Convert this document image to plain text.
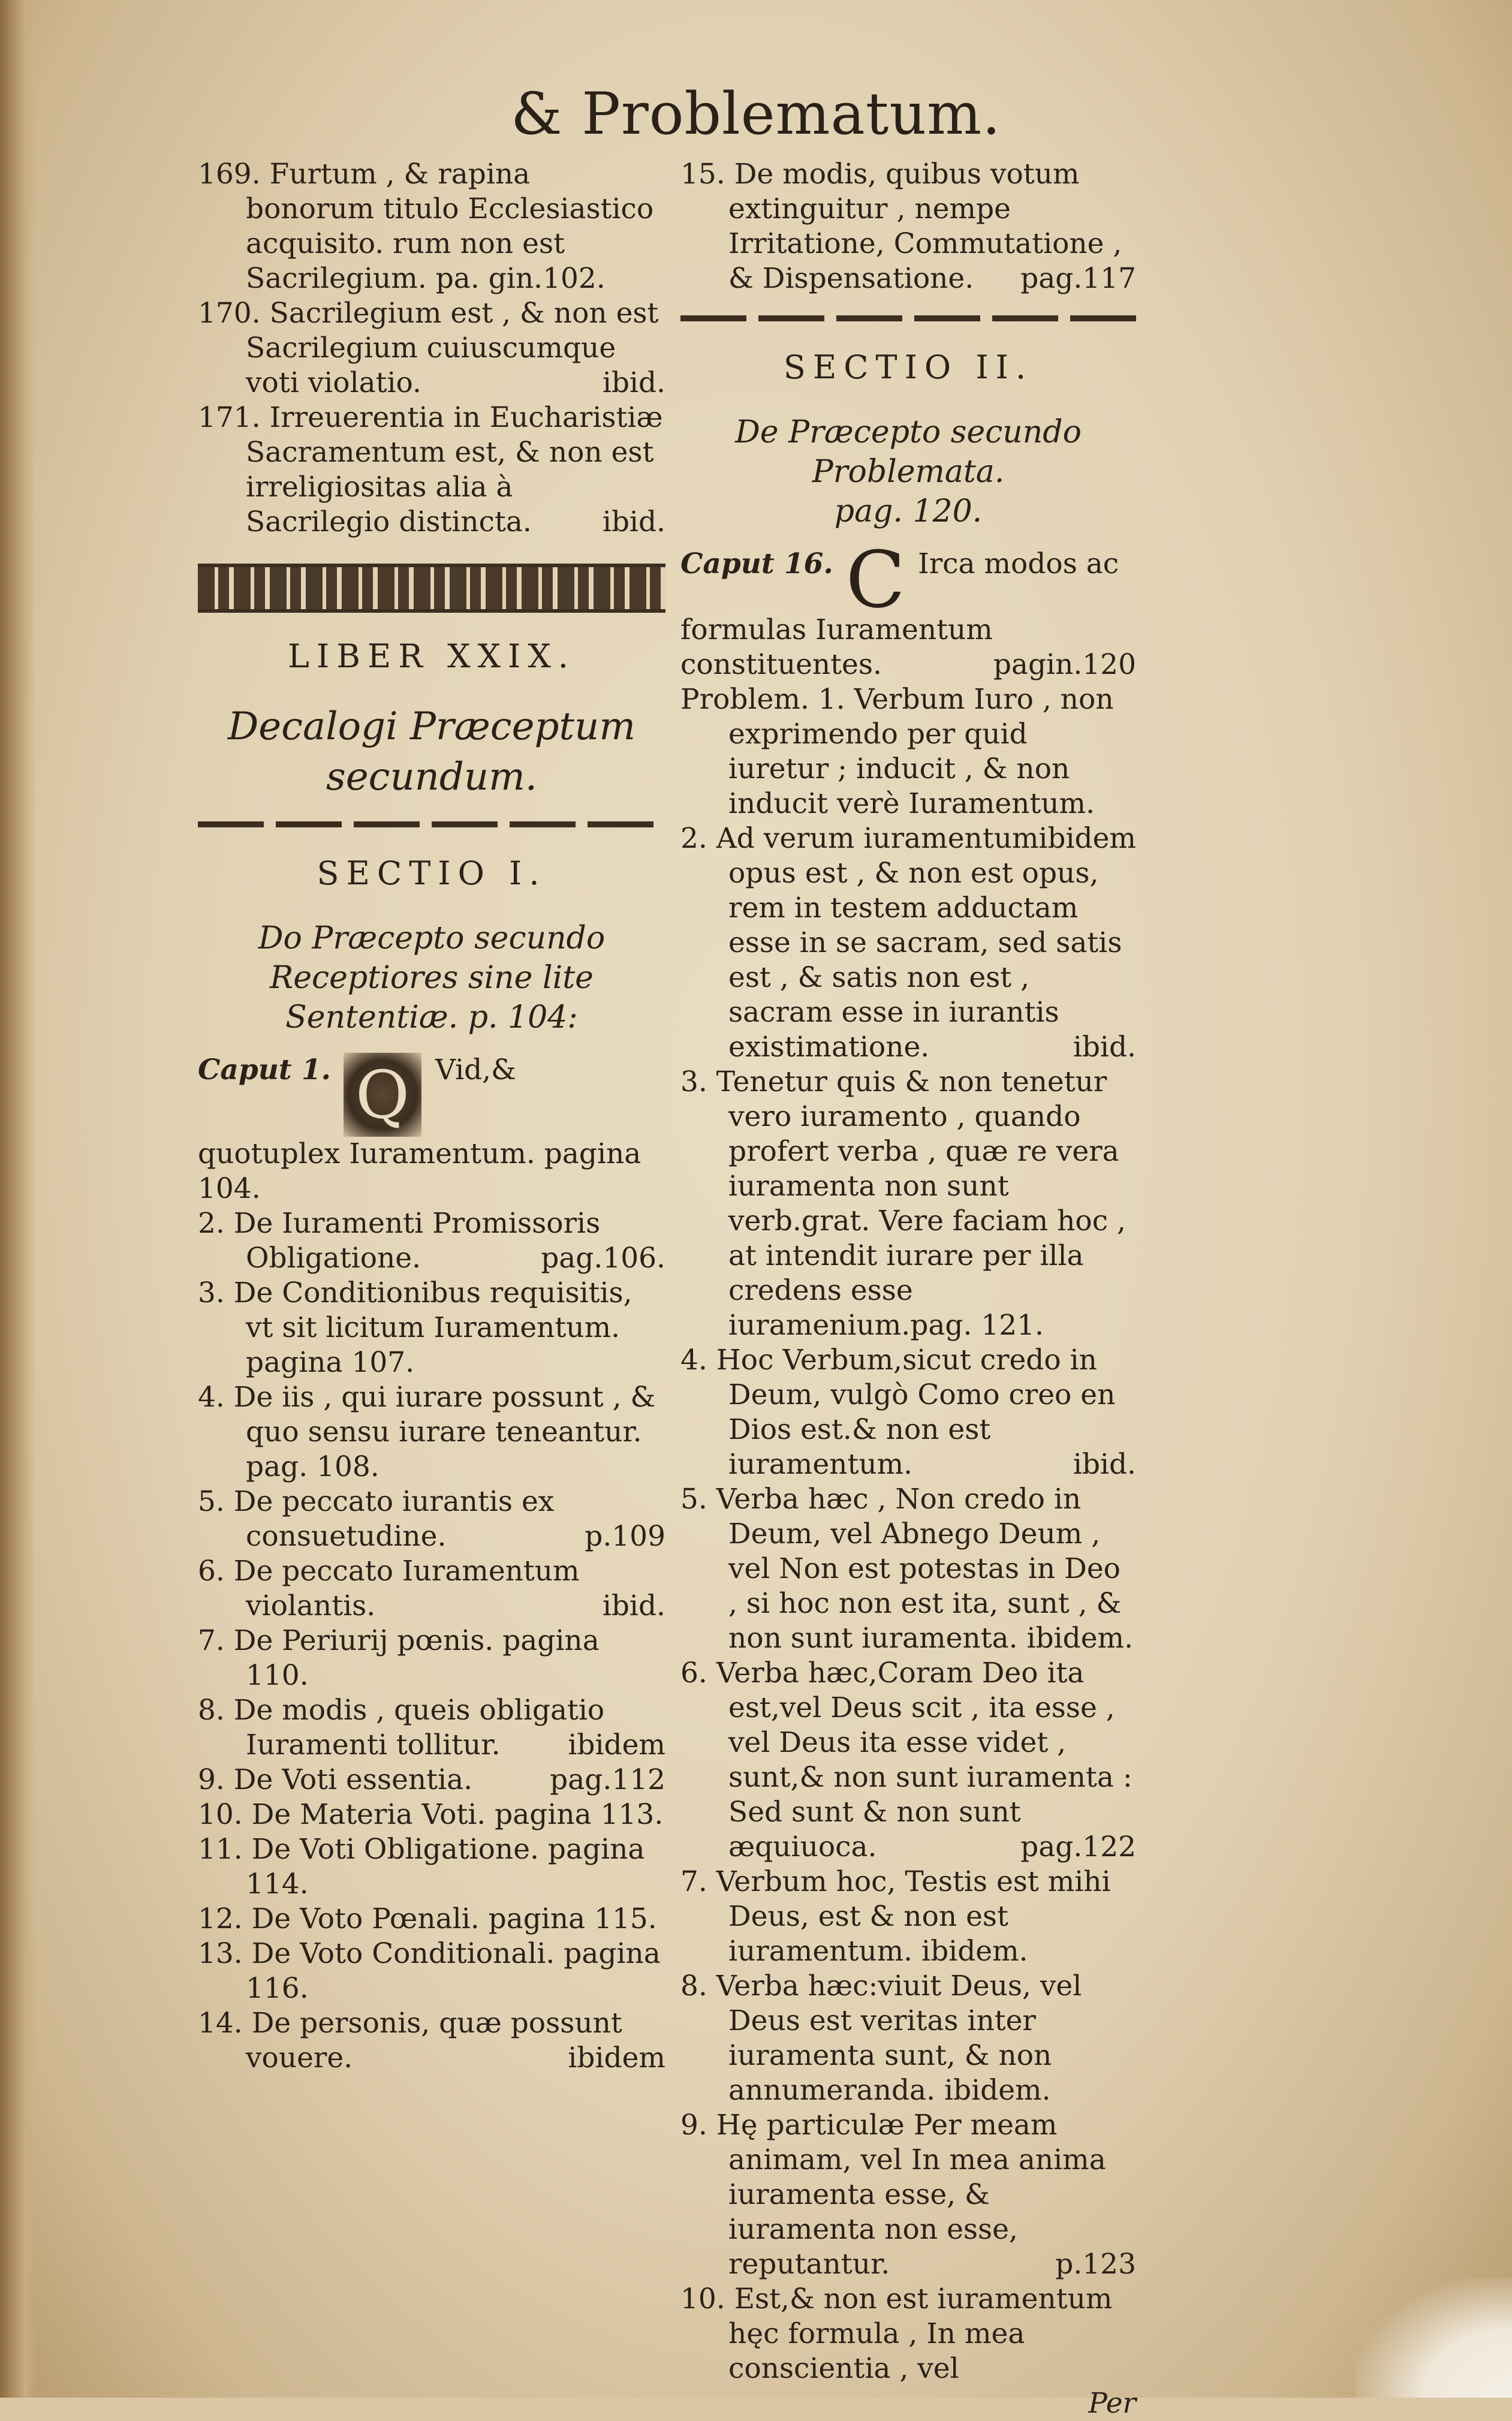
& Problematum.
169. Furtum , & rapina bonorum titulo Ecclesiastico acquisito. rum non est Sacrilegium. pa. gin.102.
170. Sacrilegium est , & non est Sacrilegium cuiuscumque voti violatio.	ibid.
171. Irreuerentia in Eucharistiæ Sacramentum est, & non est irreligiositas alia à Sacrilegio distincta.	ibid.
LIBER XXIX.
Decalogi Præceptum secundum.
SECTIO I.
Do Præcepto secundo Receptiores sine lite Sententiæ. p. 104:
Caput 1. Q Vid,& quotuplex Iuramentum. pagina 104.
2. De Iuramenti Promissoris Obligatione.	pag.106.
3. De Conditionibus requisitis, vt sit licitum Iuramentum. pagina 107.
4. De iis , qui iurare possunt , & quo sensu iurare teneantur. pag. 108.
5. De peccato iurantis ex consuetudine.	p.109
6. De peccato Iuramentum violantis.	ibid.
7. De Periurij pœnis. pagina 110.
8. De modis , queis obligatio Iuramenti tollitur. ibidem
9. De Voti essentia.	pag.112
10. De Materia Voti. pagina 113.
11. De Voti Obligatione. pagina 114.
12. De Voto Pœnali. pagina 115.
13. De Voto Conditionali. pagina 116.
14. De personis, quæ possunt vouere.	ibidem
15. De modis, quibus votum extinguitur , nempe Irritatione, Commutatione , & Dispensatione. pag.117
SECTIO II.
De Præcepto secundo Problemata.
pag. 120.
Caput 16. C Irca modos ac formulas Iuramentum constituentes.	pagin.120
Problem. 1. Verbum Iuro , non exprimendo per quid iuretur ; inducit , & non inducit verè Iuramentum.
ibidem
2. Ad verum iuramentum opus est , & non est opus, rem in testem adductam esse in se sacram, sed satis est , & satis non est , sacram esse in iurantis existimatione.	ibid.
3. Tenetur quis & non tenetur vero iuramento , quando profert verba , quæ re vera iuramenta non sunt verb.grat. Vere faciam hoc , at intendit iurare per illa credens esse iuramenium.pag. 121.
4. Hoc Verbum,sicut credo in Deum, vulgò Como creo en Dios est.& non est iuramentum.	ibid.
5. Verba hæc , Non credo in Deum, vel Abnego Deum , vel Non est potestas in Deo , si hoc non est ita, sunt , & non sunt iuramenta. ibidem.
6. Verba hæc,Coram Deo ita est,vel Deus scit , ita esse , vel Deus ita esse videt , sunt,& non sunt iuramenta : Sed sunt & non sunt æquiuoca.	pag.122
7. Verbum hoc, Testis est mihi Deus, est & non est iuramentum. ibidem.
8. Verba hæc:viuit Deus, vel Deus est veritas inter iuramenta sunt, & non annumeranda. ibidem.
9. Hę particulæ Per meam animam, vel In mea anima iuramenta esse, & iuramenta non esse, reputantur.	p.123
10. Est,& non est iuramentum hęc formula , In mea conscientia , vel
Per
